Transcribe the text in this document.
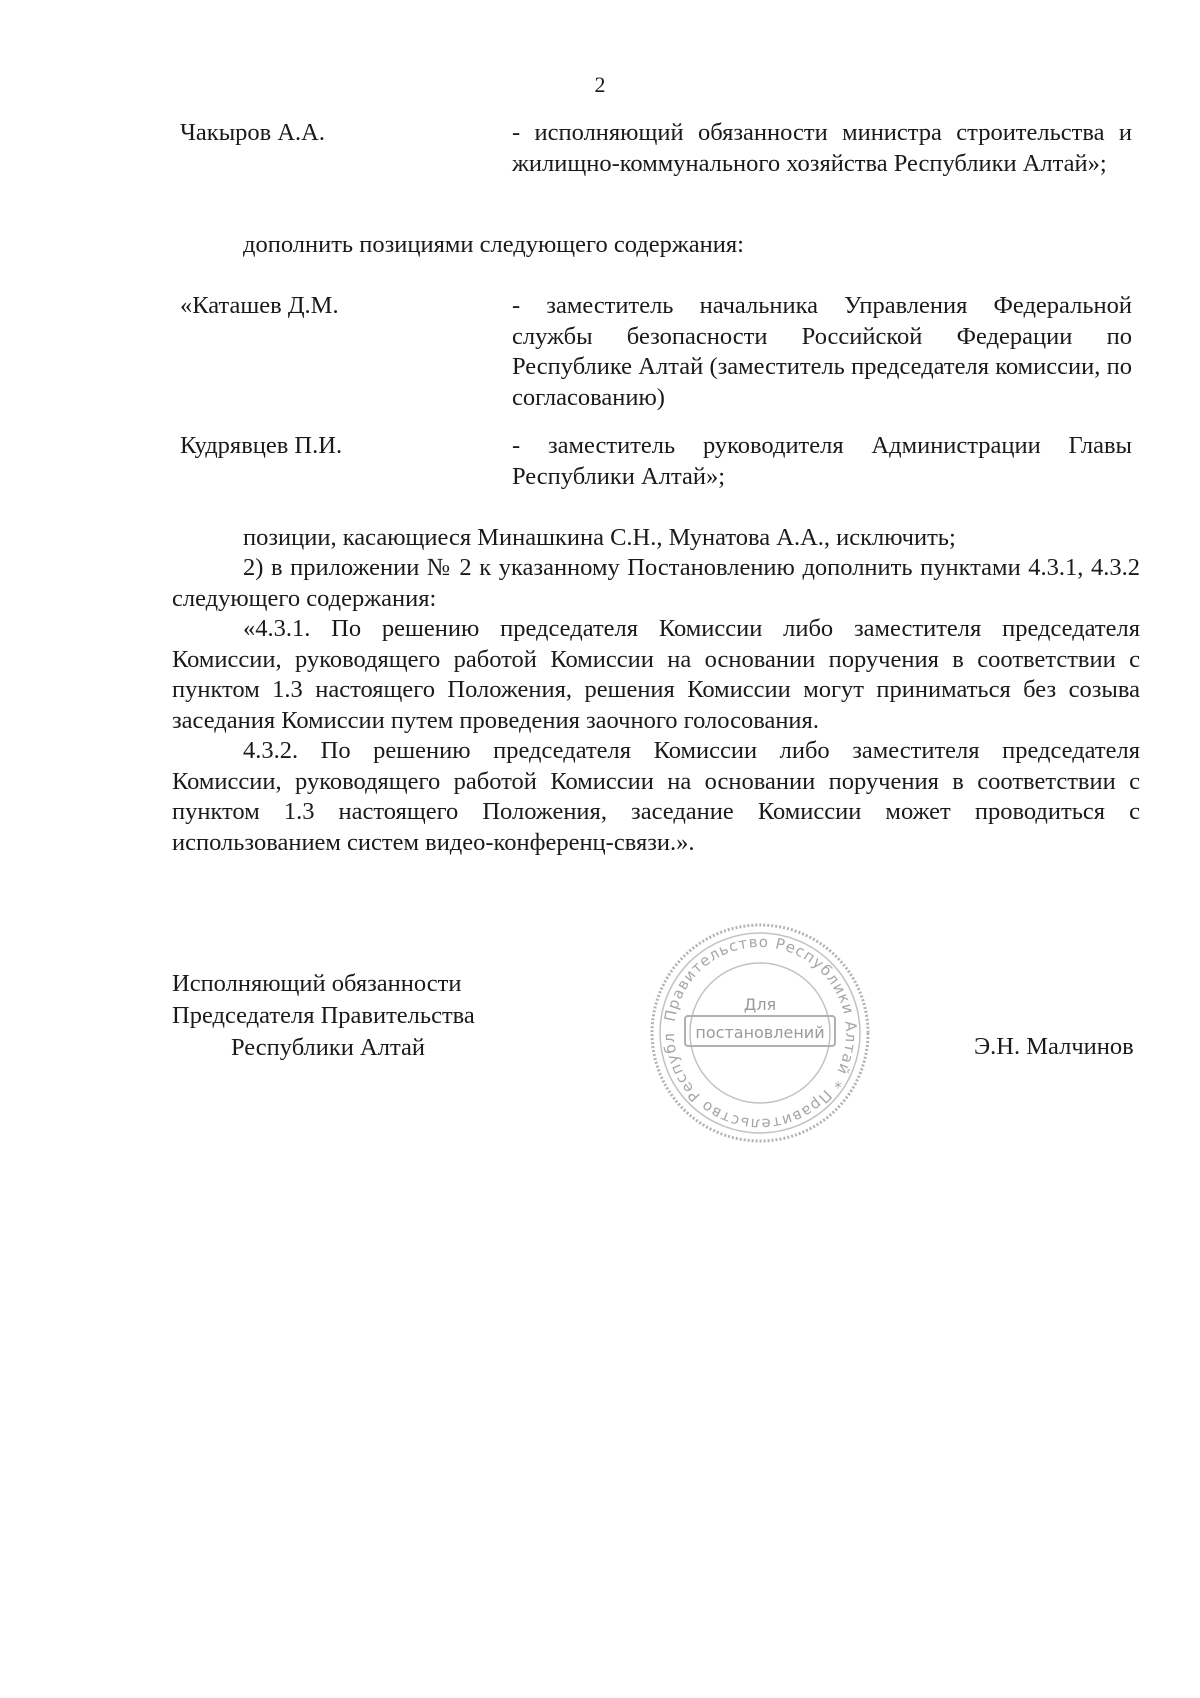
2
Чакыров А.А.	- исполняющий обязанности министра строительства и жилищно-коммунального хозяйства Республики Алтай»;
дополнить позициями следующего содержания:
«Каташев Д.М.	- заместитель начальника Управления Федеральной службы безопасности Российской Федерации по Республике Алтай (заместитель председателя комиссии, по согласованию)
Кудрявцев П.И.	- заместитель руководителя Администрации Главы Республики Алтай»;
позиции, касающиеся Минашкина С.Н., Мунатова А.А., исключить;
2) в приложении № 2 к указанному Постановлению дополнить пунктами 4.3.1, 4.3.2 следующего содержания:
«4.3.1. По решению председателя Комиссии либо заместителя председателя Комиссии, руководящего работой Комиссии на основании поручения в соответствии с пунктом 1.3 настоящего Положения, решения Комиссии могут приниматься без созыва заседания Комиссии путем проведения заочного голосования.
4.3.2. По решению председателя Комиссии либо заместителя председателя Комиссии, руководящего работой Комиссии на основании поручения в соответствии с пунктом 1.3 настоящего Положения, заседание Комиссии может проводиться с использованием систем видео-конференц-связи.».
Исполняющий обязанности
Председателя Правительства
Республики Алтай	Э.Н. Малчинов
Правительство Республики Алтай * Правительство Республ
Для
постановлений
